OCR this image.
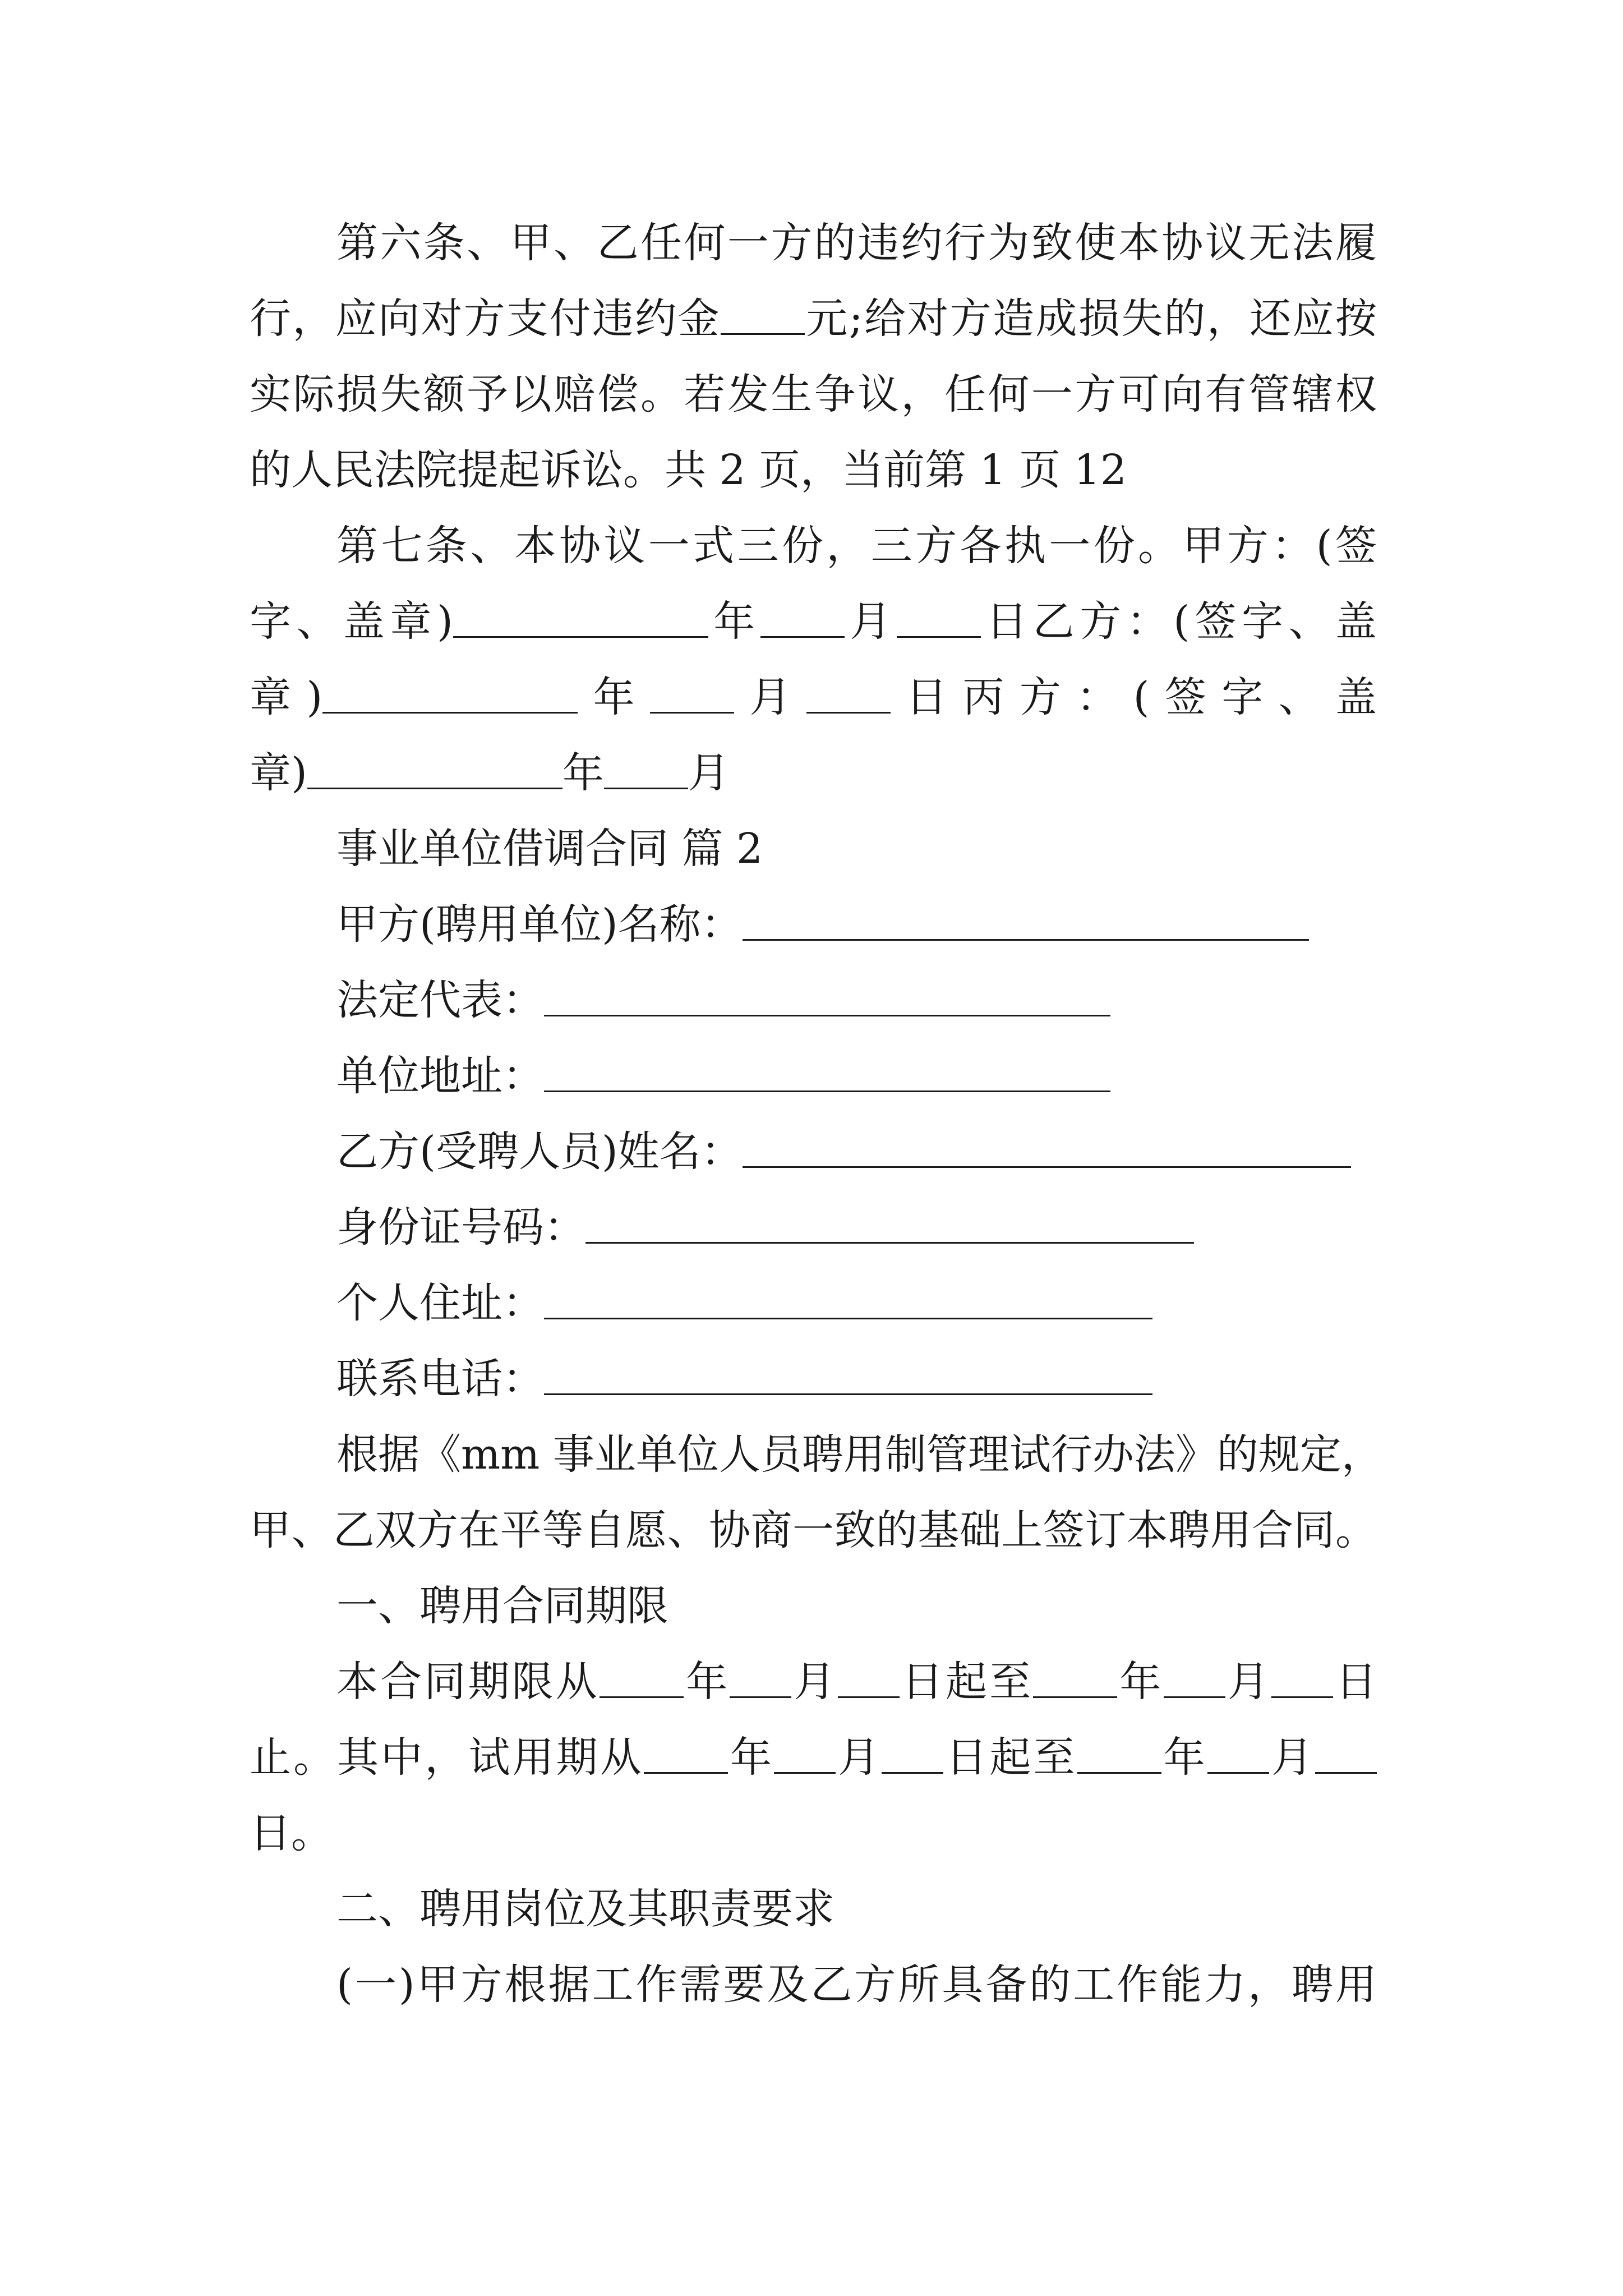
第六条、甲、乙任何一方的违约行为致使本协议无法履
行，应向对方支付违约金 元;给对方造成损失的，还应按
实际损失额予以赔偿。若发生争议，任何一方可向有管辖权
的人民法院提起诉讼。共 2 页，当前第 1 页 12
第七条、本协议一式三份，三方各执一份。甲方：(签
字、盖章)	年 月 日乙方：(签字、盖
章)	年 月 日丙方：(签字、盖
章)	年 月
事业单位借调合同 篇 2
甲方(聘用单位)名称：
法定代表：
单位地址：
乙方(受聘人员)姓名：
身份证号码：
个人住址：
联系电话：
根据《mm 事业单位人员聘用制管理试行办法》的规定，
甲、乙双方在平等自愿、协商一致的基础上签订本聘用合同。
一、聘用合同期限
本合同期限从 年 月 日起至 年 月 日
止。其中，试用期从 年 月 日起至 年 月
日。
二、聘用岗位及其职责要求
(一)甲方根据工作需要及乙方所具备的工作能力，聘用
